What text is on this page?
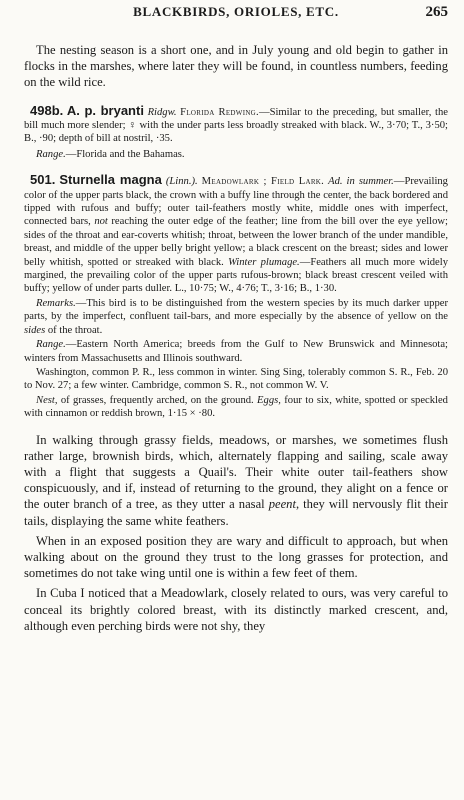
BLACKBIRDS, ORIOLES, ETC.	265

The nesting season is a short one, and in July young and old begin to gather in flocks in the marshes, where later they will be found, in countless numbers, feeding on the wild rice.

498b. A. p. bryanti Ridgw. Florida Redwing.—Similar to the preceding, but smaller, the bill much more slender; ♀ with the under parts less broadly streaked with black. W., 3·70; T., 3·50; B., ·90; depth of bill at nostril, ·35.

Range.—Florida and the Bahamas.

501. Sturnella magna (Linn.). Meadowlark ; Field Lark. Ad. in summer.—Prevailing color of the upper parts black, the crown with a buffy line through the center, the back bordered and tipped with rufous and buffy; outer tail-feathers mostly white, middle ones with imperfect, connected bars, not reaching the outer edge of the feather; line from the bill over the eye yellow; sides of the throat and ear-coverts whitish; throat, between the lower branch of the under mandible, breast, and middle of the upper belly bright yellow; a black crescent on the breast; sides and lower belly whitish, spotted or streaked with black. Winter plumage.—Feathers all much more widely margined, the prevailing color of the upper parts rufous-brown; black breast crescent veiled with buffy; yellow of under parts duller. L., 10·75; W., 4·76; T., 3·16; B., 1·30.

Remarks.—This bird is to be distinguished from the western species by its much darker upper parts, by the imperfect, confluent tail-bars, and more especially by the absence of yellow on the sides of the throat.

Range.—Eastern North America; breeds from the Gulf to New Brunswick and Minnesota; winters from Massachusetts and Illinois southward.

Washington, common P. R., less common in winter. Sing Sing, tolerably common S. R., Feb. 20 to Nov. 27; a few winter. Cambridge, common S. R., not common W. V.

Nest, of grasses, frequently arched, on the ground. Eggs, four to six, white, spotted or speckled with cinnamon or reddish brown, 1·15 × ·80.

In walking through grassy fields, meadows, or marshes, we sometimes flush rather large, brownish birds, which, alternately flapping and sailing, scale away with a flight that suggests a Quail's. Their white outer tail-feathers show conspicuously, and if, instead of returning to the ground, they alight on a fence or the outer branch of a tree, as they utter a nasal peent, they will nervously flit their tails, displaying the same white feathers.

When in an exposed position they are wary and difficult to approach, but when walking about on the ground they trust to the long grasses for protection, and sometimes do not take wing until one is within a few feet of them.

In Cuba I noticed that a Meadowlark, closely related to ours, was very careful to conceal its brightly colored breast, with its distinctly marked crescent, and, although even perching birds were not shy, they
